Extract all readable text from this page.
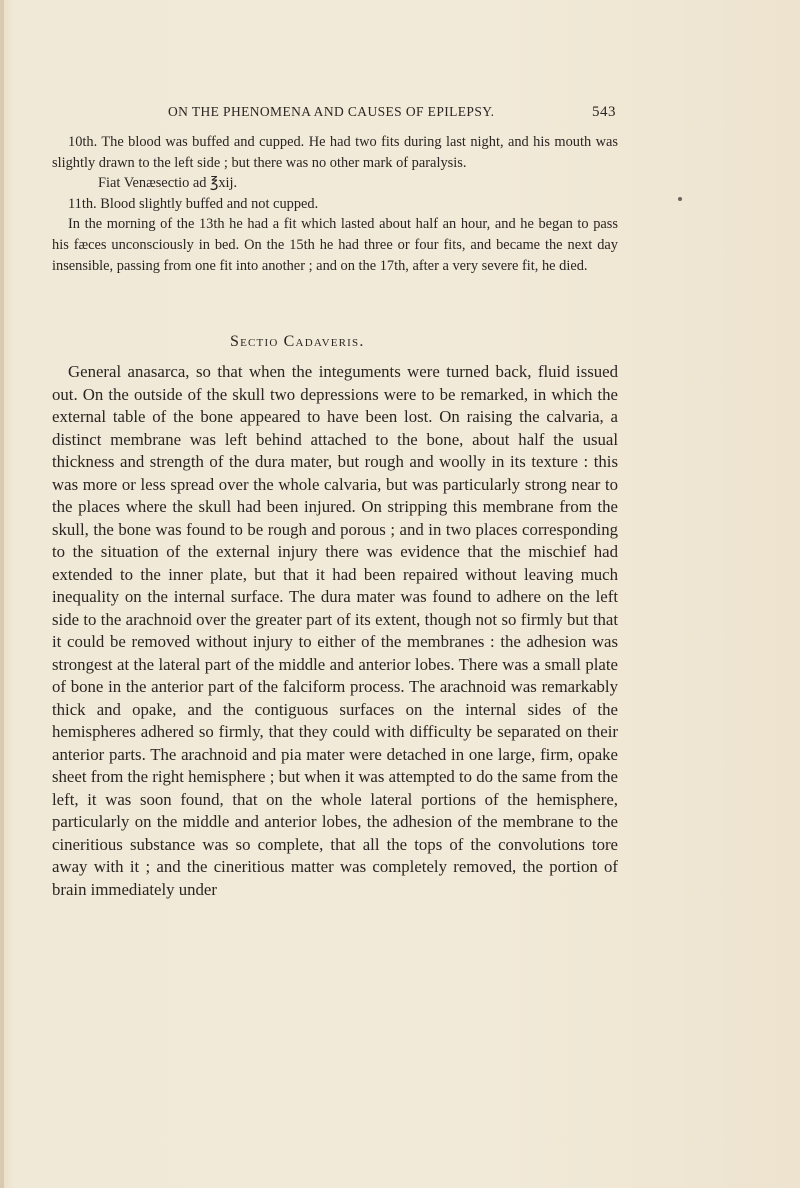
ON THE PHENOMENA AND CAUSES OF EPILEPSY.	543

10th. The blood was buffed and cupped. He had two fits during last night, and his mouth was slightly drawn to the left side ; but there was no other mark of paralysis.

Fiat Venæsectio ad ℥xij.

11th. Blood slightly buffed and not cupped.

In the morning of the 13th he had a fit which lasted about half an hour, and he began to pass his fæces unconsciously in bed. On the 15th he had three or four fits, and became the next day insensible, passing from one fit into another ; and on the 17th, after a very severe fit, he died.

Sectio Cadaveris.

General anasarca, so that when the integuments were turned back, fluid issued out. On the outside of the skull two depressions were to be remarked, in which the external table of the bone appeared to have been lost. On raising the calvaria, a distinct membrane was left behind attached to the bone, about half the usual thickness and strength of the dura mater, but rough and woolly in its texture : this was more or less spread over the whole calvaria, but was particularly strong near to the places where the skull had been injured. On stripping this membrane from the skull, the bone was found to be rough and porous ; and in two places corresponding to the situation of the external injury there was evidence that the mischief had extended to the inner plate, but that it had been repaired without leaving much inequality on the internal surface. The dura mater was found to adhere on the left side to the arachnoid over the greater part of its extent, though not so firmly but that it could be removed without injury to either of the membranes : the adhesion was strongest at the lateral part of the middle and anterior lobes. There was a small plate of bone in the anterior part of the falciform process. The arachnoid was remarkably thick and opake, and the contiguous surfaces on the internal sides of the hemispheres adhered so firmly, that they could with difficulty be separated on their anterior parts. The arachnoid and pia mater were detached in one large, firm, opake sheet from the right hemisphere ; but when it was attempted to do the same from the left, it was soon found, that on the whole lateral portions of the hemisphere, particularly on the middle and anterior lobes, the adhesion of the membrane to the cineritious substance was so complete, that all the tops of the convolutions tore away with it ; and the cineritious matter was completely removed, the portion of brain immediately under
